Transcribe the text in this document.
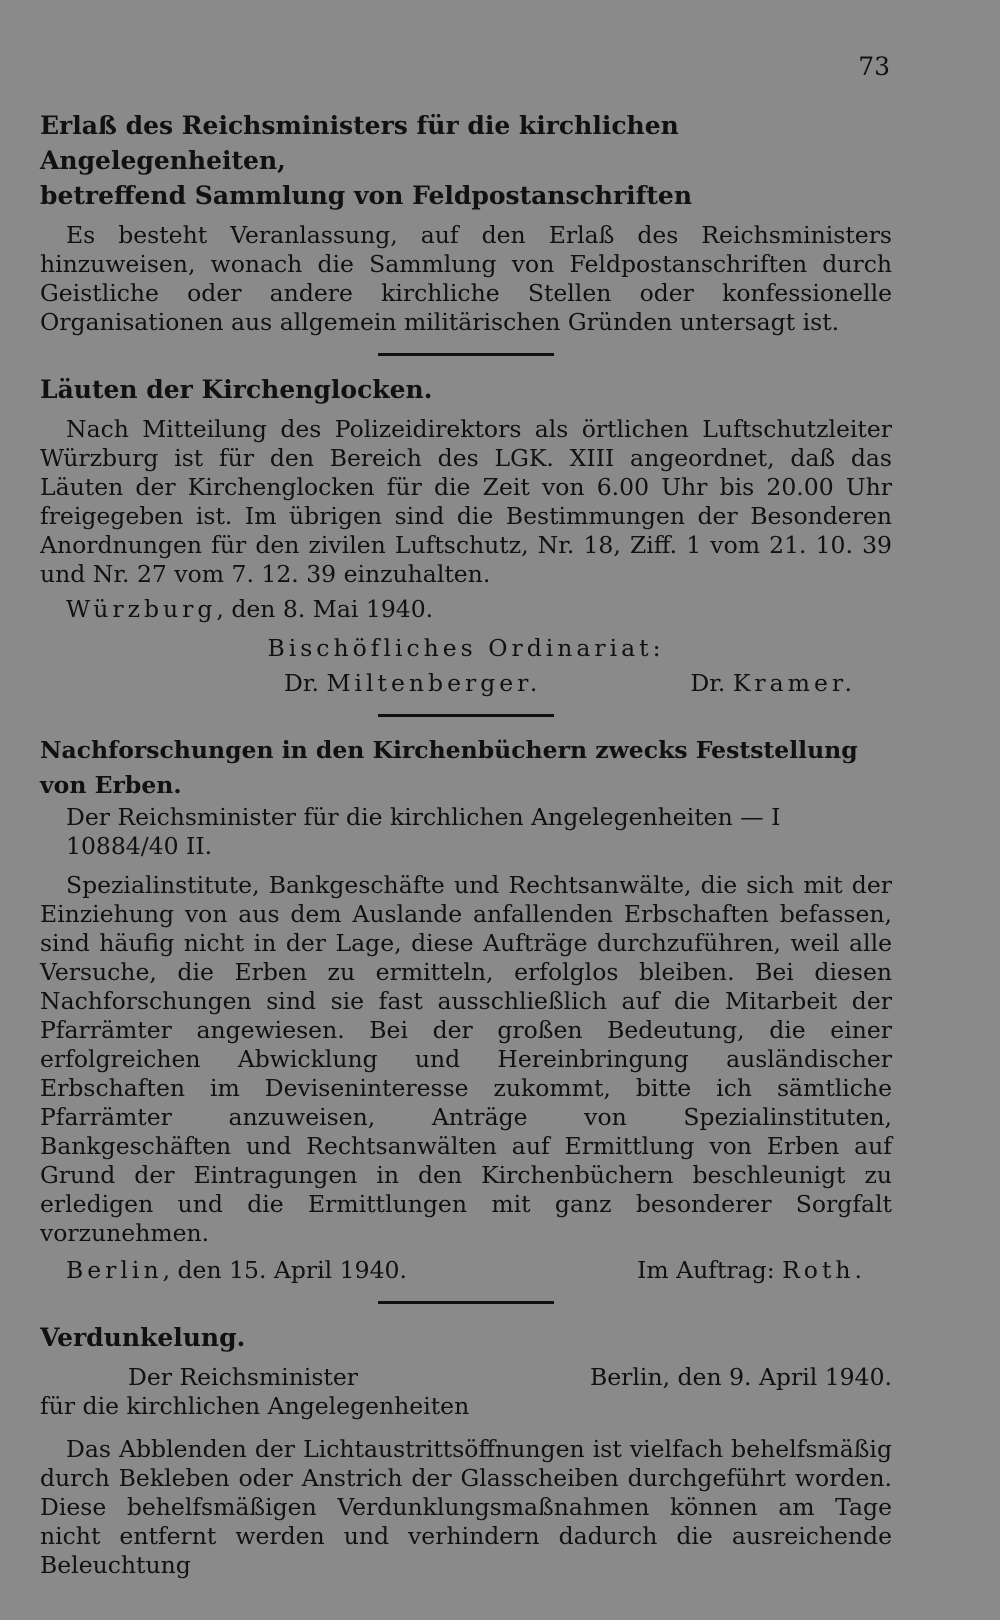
73

Erlaß des Reichsministers für die kirchlichen Angelegenheiten,

betreffend Sammlung von Feldpostanschriften

Es besteht Veranlassung, auf den Erlaß des Reichsministers hinzuweisen, wonach die Sammlung von Feldpostanschriften durch Geistliche oder andere kirchliche Stellen oder konfessionelle Organisationen aus allgemein militärischen Gründen untersagt ist.

Läuten der Kirchenglocken.

Nach Mitteilung des Polizeidirektors als örtlichen Luftschutzleiter Würzburg ist für den Bereich des LGK. XIII angeordnet, daß das Läuten der Kirchenglocken für die Zeit von 6.00 Uhr bis 20.00 Uhr freigegeben ist. Im übrigen sind die Bestimmungen der Besonderen Anordnungen für den zivilen Luftschutz, Nr. 18, Ziff. 1 vom 21. 10. 39 und Nr. 27 vom 7. 12. 39 einzuhalten.

Würzburg, den 8. Mai 1940.

Bischöfliches Ordinariat:
Dr. Miltenberger.	Dr. Kramer.

Nachforschungen in den Kirchenbüchern zwecks Feststellung von Erben.

Der Reichsminister für die kirchlichen Angelegenheiten — I 10884/40 II.

Spezialinstitute, Bankgeschäfte und Rechtsanwälte, die sich mit der Einziehung von aus dem Auslande anfallenden Erbschaften befassen, sind häufig nicht in der Lage, diese Aufträge durchzuführen, weil alle Versuche, die Erben zu ermitteln, erfolglos bleiben. Bei diesen Nachforschungen sind sie fast ausschließlich auf die Mitarbeit der Pfarrämter angewiesen. Bei der großen Bedeutung, die einer erfolgreichen Abwicklung und Hereinbringung ausländischer Erbschaften im Deviseninteresse zukommt, bitte ich sämtliche Pfarrämter anzuweisen, Anträge von Spezialinstituten, Bankgeschäften und Rechtsanwälten auf Ermittlung von Erben auf Grund der Eintragungen in den Kirchenbüchern beschleunigt zu erledigen und die Ermittlungen mit ganz besonderer Sorgfalt vorzunehmen.

Berlin, den 15. April 1940.	Im Auftrag: Roth.

Verdunkelung.

Der Reichsminister	Berlin, den 9. April 1940.
für die kirchlichen Angelegenheiten

Das Abblenden der Lichtaustrittsöffnungen ist vielfach behelfsmäßig durch Bekleben oder Anstrich der Glasscheiben durchgeführt worden. Diese behelfsmäßigen Verdunklungsmaßnahmen können am Tage nicht entfernt werden und verhindern dadurch die ausreichende Beleuchtung
